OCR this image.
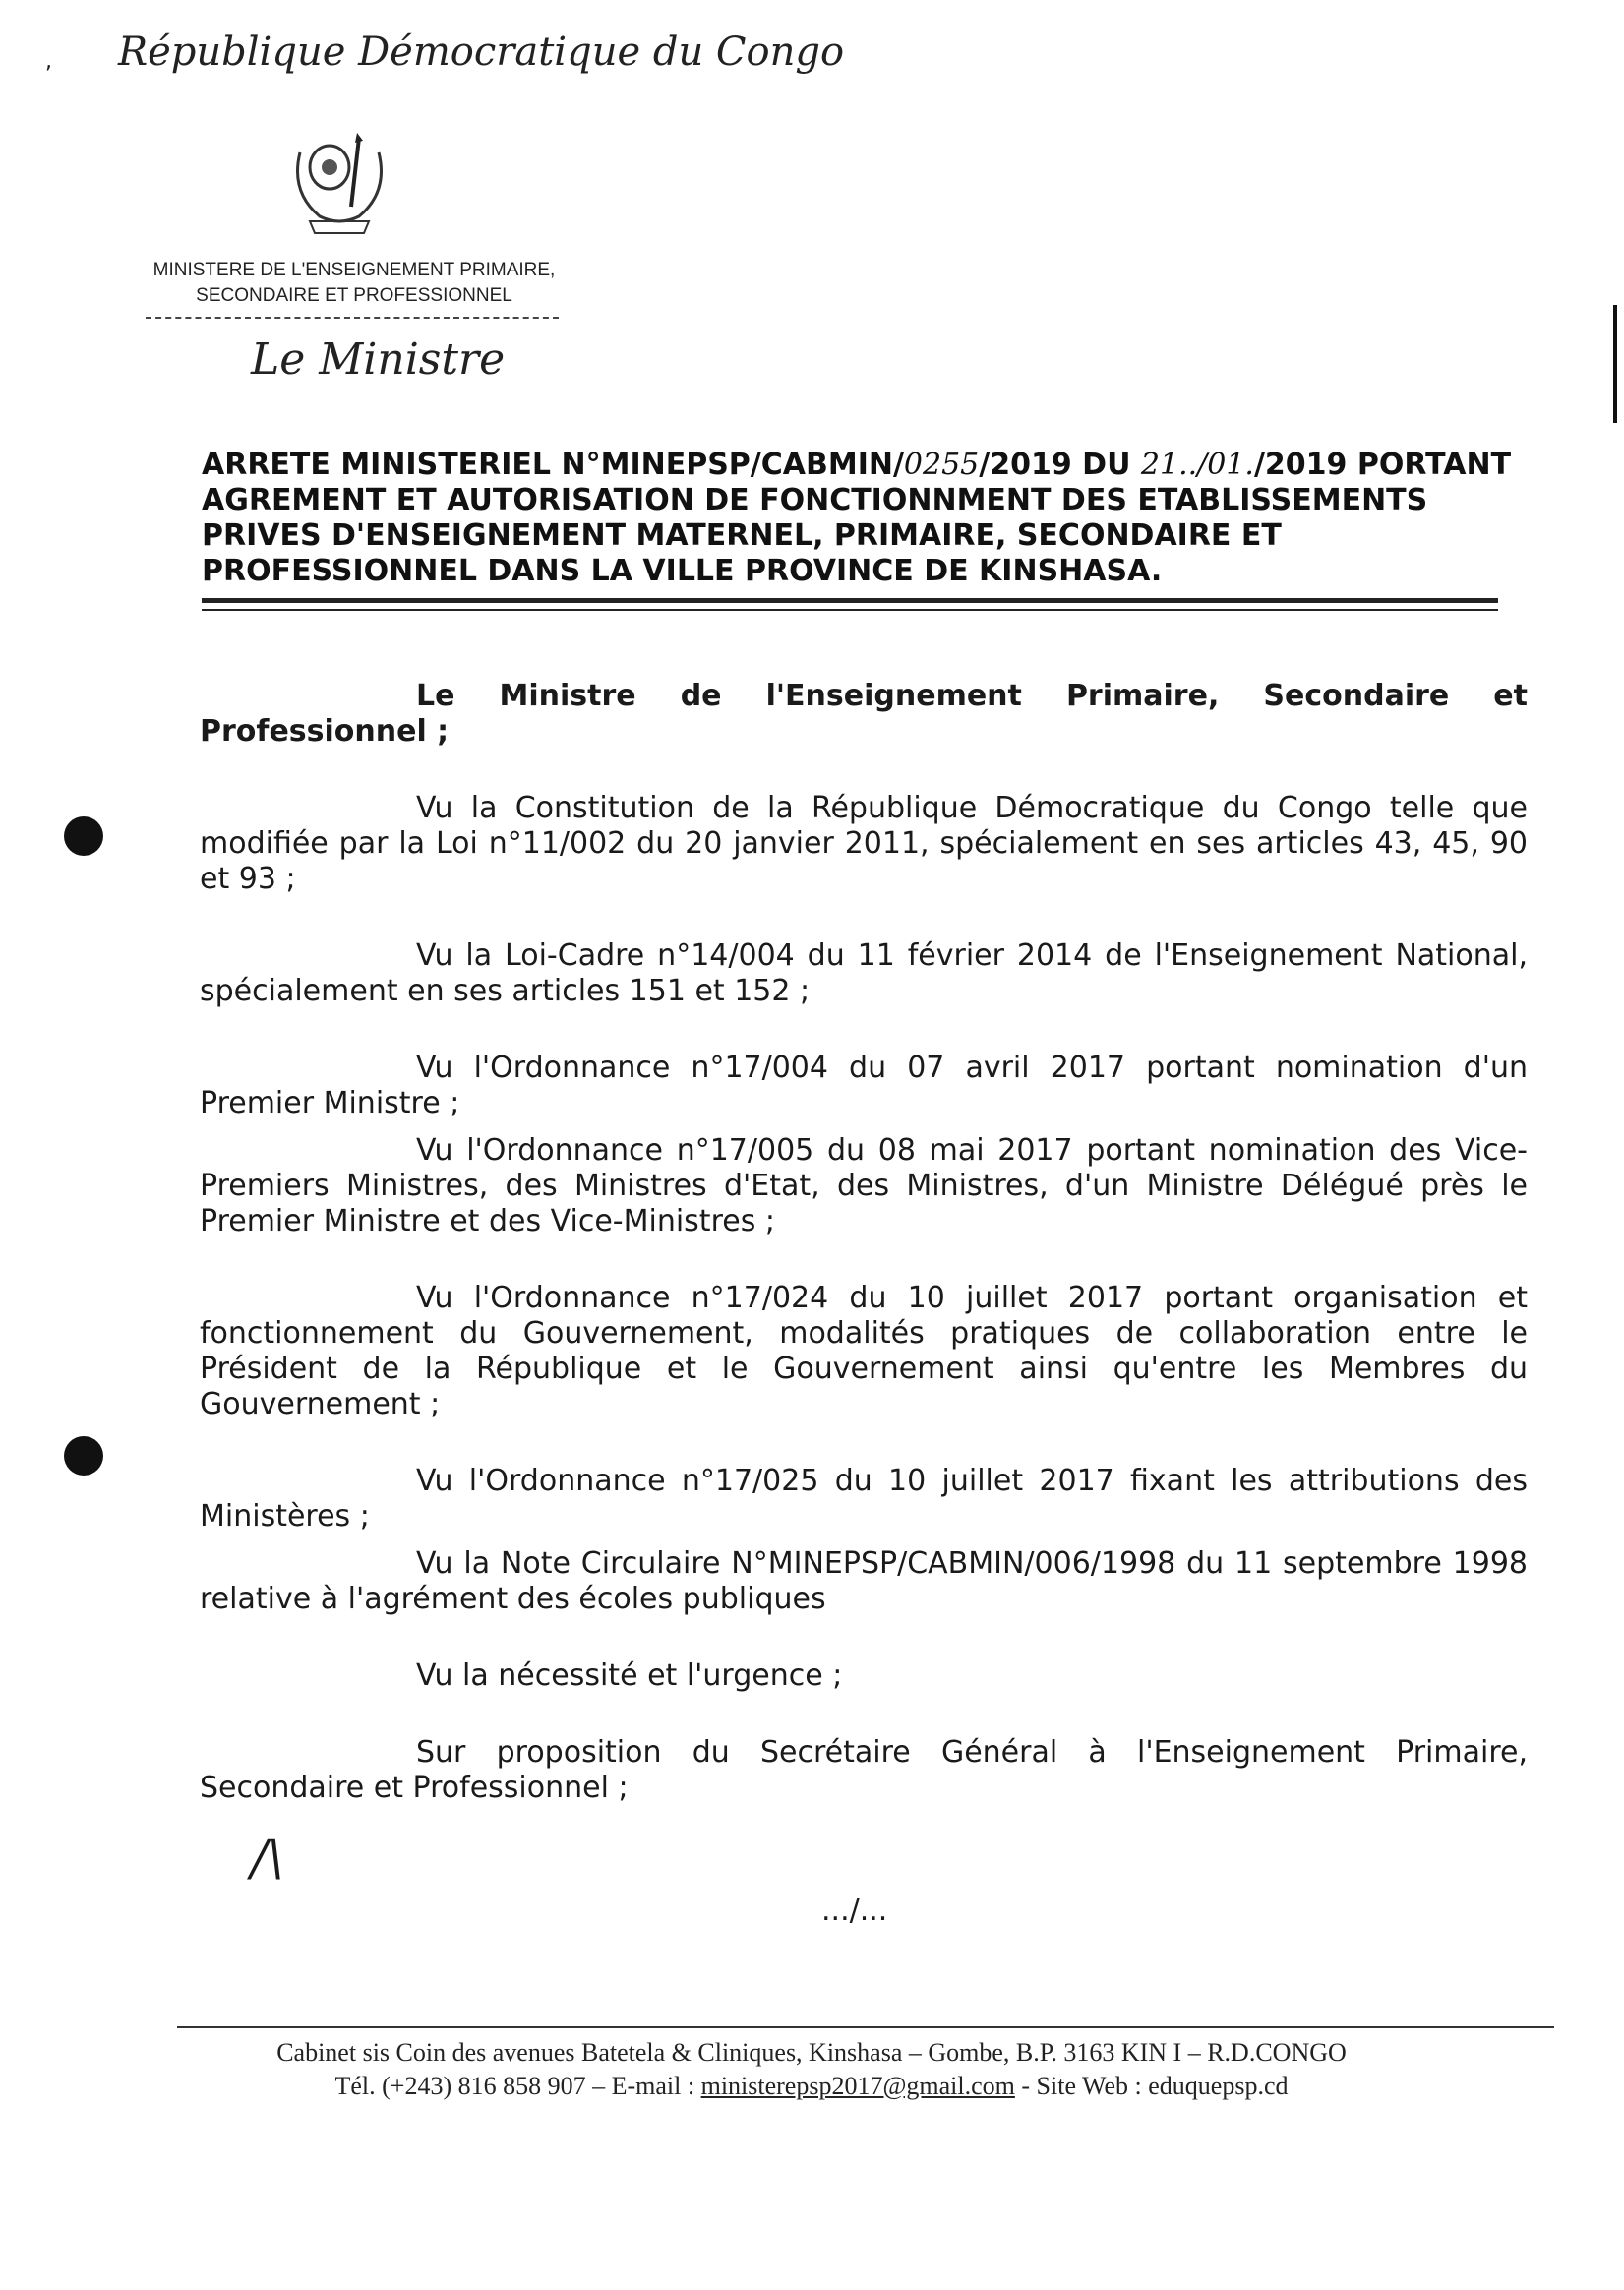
, République Démocratique du Congo
MINISTERE DE L'ENSEIGNEMENT PRIMAIRE,
SECONDAIRE ET PROFESSIONNEL
Le Ministre
ARRETE MINISTERIEL N°MINEPSP/CABMIN/0255/2019 DU 21../01./2019 PORTANT AGREMENT ET AUTORISATION DE FONCTIONNMENT DES ETABLISSEMENTS PRIVES D'ENSEIGNEMENT MATERNEL, PRIMAIRE, SECONDAIRE ET PROFESSIONNEL DANS LA VILLE PROVINCE DE KINSHASA.

Le Ministre de l'Enseignement Primaire, Secondaire et Professionnel ;

Vu la Constitution de la République Démocratique du Congo telle que modifiée par la Loi n°11/002 du 20 janvier 2011, spécialement en ses articles 43, 45, 90 et 93 ;

Vu la Loi-Cadre n°14/004 du 11 février 2014 de l'Enseignement National, spécialement en ses articles 151 et 152 ;

Vu l'Ordonnance n°17/004 du 07 avril 2017 portant nomination d'un Premier Ministre ;

Vu l'Ordonnance n°17/005 du 08 mai 2017 portant nomination des Vice-Premiers Ministres, des Ministres d'Etat, des Ministres, d'un Ministre Délégué près le Premier Ministre et des Vice-Ministres ;

Vu l'Ordonnance n°17/024 du 10 juillet 2017 portant organisation et fonctionnement du Gouvernement, modalités pratiques de collaboration entre le Président de la République et le Gouvernement ainsi qu'entre les Membres du Gouvernement ;

Vu l'Ordonnance n°17/025 du 10 juillet 2017 fixant les attributions des Ministères ;

Vu la Note Circulaire N°MINEPSP/CABMIN/006/1998 du 11 septembre 1998 relative à l'agrément des écoles publiques

Vu la nécessité et l'urgence ;

Sur proposition du Secrétaire Général à l'Enseignement Primaire, Secondaire et Professionnel ;

/\
.../...
Cabinet sis Coin des avenues Batetela & Cliniques, Kinshasa – Gombe, B.P. 3163 KIN I – R.D.CONGO
Tél. (+243) 816 858 907 – E-mail : ministerepsp2017@gmail.com - Site Web : eduquepsp.cd
